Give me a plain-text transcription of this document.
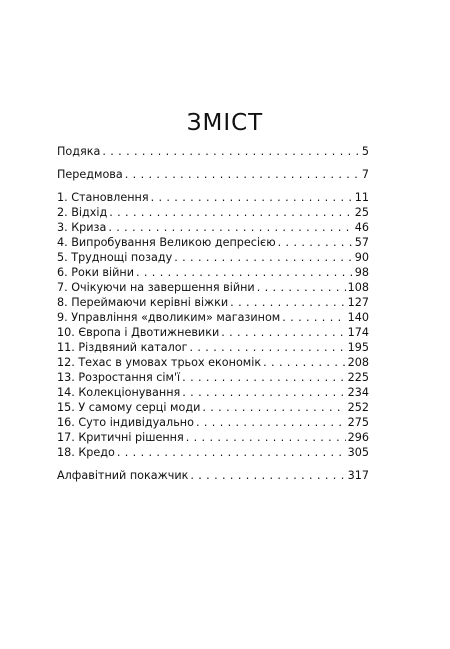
ЗМІСТ
Подяка . . .	5
Передмова . . .	7
1. Становлення . . .	11
2. Відхід . . .	25
3. Криза . . .	46
4. Випробування Великою депресією . . .	57
5. Труднощі позаду . . .	90
6. Роки війни . . .	98
7. Очікуючи на завершення війни . . .	108
8. Переймаючи керівні віжки . . .	127
9. Управління «дволиким» магазином . . .	140
10. Європа і Двотижневики . . .	174
11. Різдвяний каталог . . .	195
12. Техас в умовах трьох економік . . .	208
13. Розростання сім'ї . . .	225
14. Колекціонування . . .	234
15. У самому серці моди . . .	252
16. Суто індивідуально . . .	275
17. Критичні рішення . . .	296
18. Кредо . . .	305
Алфавітний покажчик . . .	317
